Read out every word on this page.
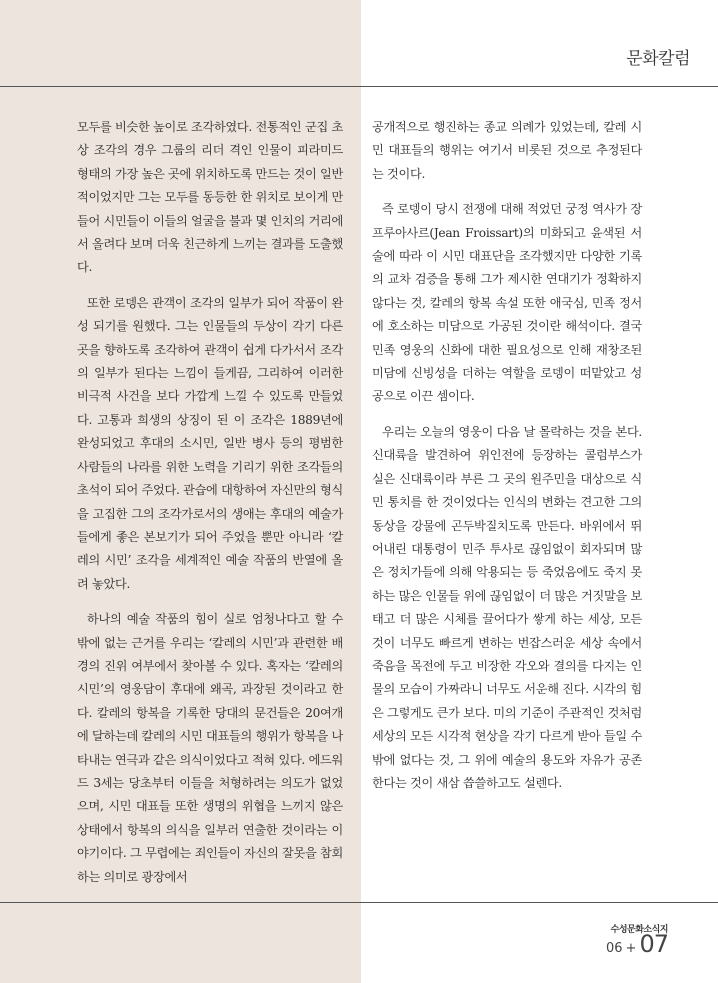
문화칼럼

모두를 비슷한 높이로 조각하였다. 전통적인 군집 초상 조각의 경우 그룹의 리더 격인 인물이 피라미드 형태의 가장 높은 곳에 위치하도록 만드는 것이 일반적이었지만 그는 모두를 동등한 한 위치로 보이게 만들어 시민들이 이들의 얼굴을 불과 몇 인치의 거리에서 올려다 보며 더욱 친근하게 느끼는 결과를 도출했다.

또한 로뎅은 관객이 조각의 일부가 되어 작품이 완성 되기를 원했다. 그는 인물들의 두상이 각기 다른 곳을 향하도록 조각하여 관객이 쉽게 다가서서 조각의 일부가 된다는 느낌이 들게끔, 그리하여 이러한 비극적 사건을 보다 가깝게 느낄 수 있도록 만들었다. 고통과 희생의 상징이 된 이 조각은 1889년에 완성되었고 후대의 소시민, 일반 병사 등의 평범한 사람들의 나라를 위한 노력을 기리기 위한 조각들의 초석이 되어 주었다. 관습에 대항하여 자신만의 형식을 고집한 그의 조각가로서의 생애는 후대의 예술가들에게 좋은 본보기가 되어 주었을 뿐만 아니라 ‘칼레의 시민’ 조각을 세계적인 예술 작품의 반열에 올려 놓았다.

하나의 예술 작품의 힘이 실로 엄청나다고 할 수 밖에 없는 근거를 우리는 ‘칼레의 시민’과 관련한 배경의 진위 여부에서 찾아볼 수 있다. 혹자는 ‘칼레의 시민’의 영웅담이 후대에 왜곡, 과장된 것이라고 한다. 칼레의 항복을 기록한 당대의 문건들은 20여개에 달하는데 칼레의 시민 대표들의 행위가 항복을 나타내는 연극과 같은 의식이었다고 적혀 있다. 에드워드 3세는 당초부터 이들을 처형하려는 의도가 없었으며, 시민 대표들 또한 생명의 위협을 느끼지 않은 상태에서 항복의 의식을 일부러 연출한 것이라는 이야기이다. 그 무렵에는 죄인들이 자신의 잘못을 참회하는 의미로 광장에서

공개적으로 행진하는 종교 의례가 있었는데, 칼레 시민 대표들의 행위는 여기서 비롯된 것으로 추정된다는 것이다.

즉 로뎅이 당시 전쟁에 대해 적었던 궁정 역사가 장 프루아사르(Jean Froissart)의 미화되고 윤색된 서술에 따라 이 시민 대표단을 조각했지만 다양한 기록의 교차 검증을 통해 그가 제시한 연대기가 정확하지 않다는 것, 칼레의 항복 속설 또한 애국심, 민족 정서에 호소하는 미담으로 가공된 것이란 해석이다. 결국 민족 영웅의 신화에 대한 필요성으로 인해 재창조된 미담에 신빙성을 더하는 역할을 로뎅이 떠맡았고 성공으로 이끈 셈이다.

우리는 오늘의 영웅이 다음 날 몰락하는 것을 본다. 신대륙을 발견하여 위인전에 등장하는 콜럼부스가 실은 신대륙이라 부른 그 곳의 원주민을 대상으로 식민 통치를 한 것이었다는 인식의 변화는 견고한 그의 동상을 강물에 곤두박질치도록 만든다. 바위에서 뛰어내린 대통령이 민주 투사로 끊임없이 회자되며 많은 정치가들에 의해 악용되는 등 죽었음에도 죽지 못하는 많은 인물들 위에 끊임없이 더 많은 거짓말을 보태고 더 많은 시체를 끌어다가 쌓게 하는 세상, 모든 것이 너무도 빠르게 변하는 번잡스러운 세상 속에서 죽음을 목전에 두고 비장한 각오와 결의를 다지는 인물의 모습이 가짜라니 너무도 서운해 진다. 시각의 힘은 그렇게도 큰가 보다. 미의 기준이 주관적인 것처럼 세상의 모든 시각적 현상을 각기 다르게 받아 들일 수 밖에 없다는 것, 그 위에 예술의 용도와 자유가 공존한다는 것이 새삼 씁쓸하고도 설렌다.

수성문화소식지
06 + 07
